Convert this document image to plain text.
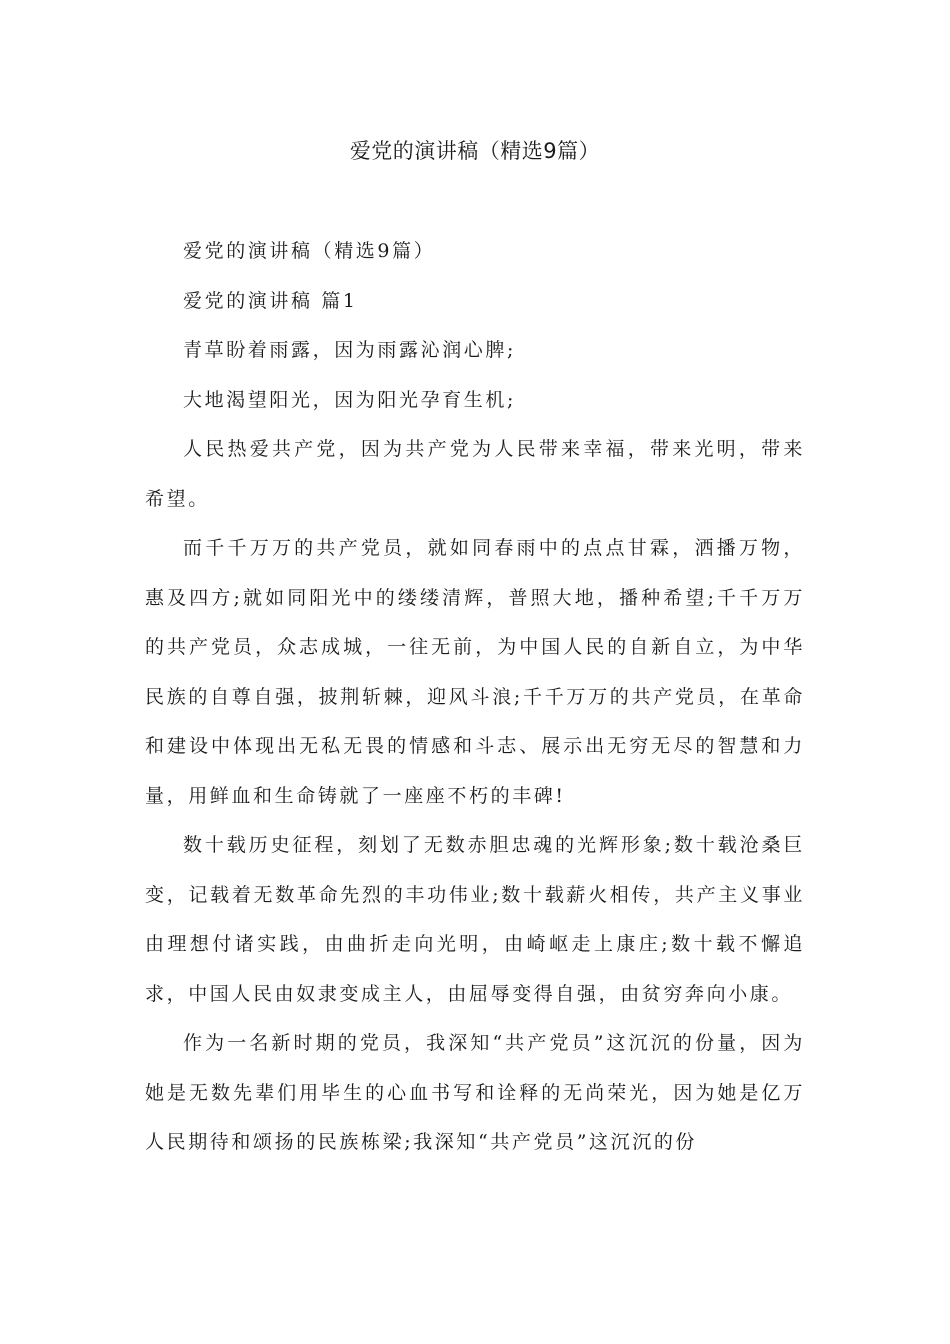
爱党的演讲稿（精选9篇）

爱党的演讲稿（精选9篇）

爱党的演讲稿 篇1

青草盼着雨露，因为雨露沁润心脾;

大地渴望阳光，因为阳光孕育生机;

人民热爱共产党，因为共产党为人民带来幸福，带来光明，带来希望。

而千千万万的共产党员，就如同春雨中的点点甘霖，洒播万物，惠及四方;就如同阳光中的缕缕清辉，普照大地，播种希望;千千万万的共产党员，众志成城，一往无前，为中国人民的自新自立，为中华民族的自尊自强，披荆斩棘，迎风斗浪;千千万万的共产党员，在革命和建设中体现出无私无畏的情感和斗志、展示出无穷无尽的智慧和力量，用鲜血和生命铸就了一座座不朽的丰碑!

数十载历史征程，刻划了无数赤胆忠魂的光辉形象;数十载沧桑巨变，记载着无数革命先烈的丰功伟业;数十载薪火相传，共产主义事业由理想付诸实践，由曲折走向光明，由崎岖走上康庄;数十载不懈追求，中国人民由奴隶变成主人，由屈辱变得自强，由贫穷奔向小康。

作为一名新时期的党员，我深知“共产党员”这沉沉的份量，因为她是无数先辈们用毕生的心血书写和诠释的无尚荣光，因为她是亿万人民期待和颂扬的民族栋梁;我深知“共产党员”这沉沉的份
